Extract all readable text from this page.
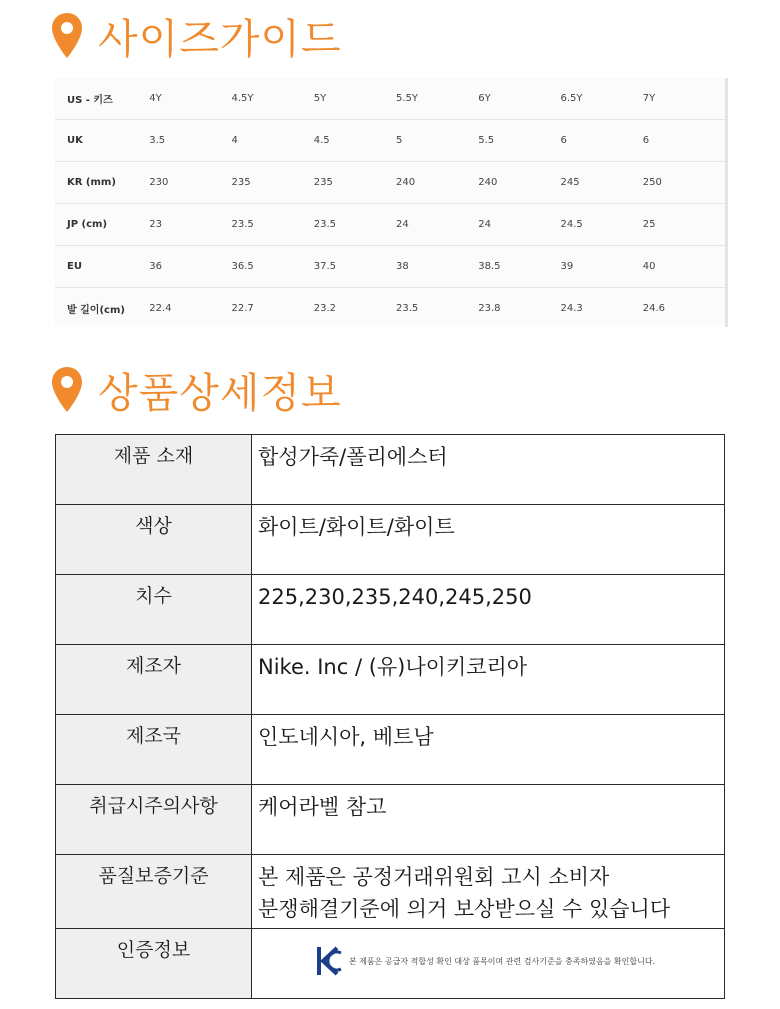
사이즈가이드
US - 키즈	4Y	4.5Y	5Y	5.5Y	6Y	6.5Y	7Y
UK	3.5	4	4.5	5	5.5	6	6
KR (mm)	230	235	235	240	240	245	250
JP (cm)	23	23.5	23.5	24	24	24.5	25
EU	36	36.5	37.5	38	38.5	39	40
발 길이(cm)	22.4	22.7	23.2	23.5	23.8	24.3	24.6
상품상세정보
제품 소재	합성가죽/폴리에스터
색상	화이트/화이트/화이트
치수	225,230,235,240,245,250
제조자	Nike. Inc / (유)나이키코리아
제조국	인도네시아, 베트남
취급시주의사항	케어라벨 참고
품질보증기준	본 제품은 공정거래위원회 고시 소비자
분쟁해결기준에 의거 보상받으실 수 있습니다

인증정보	본 제품은 공급자 적합성 확인 대상 품목이며 관련 검사기준을 충족하였음을 확인합니다.
